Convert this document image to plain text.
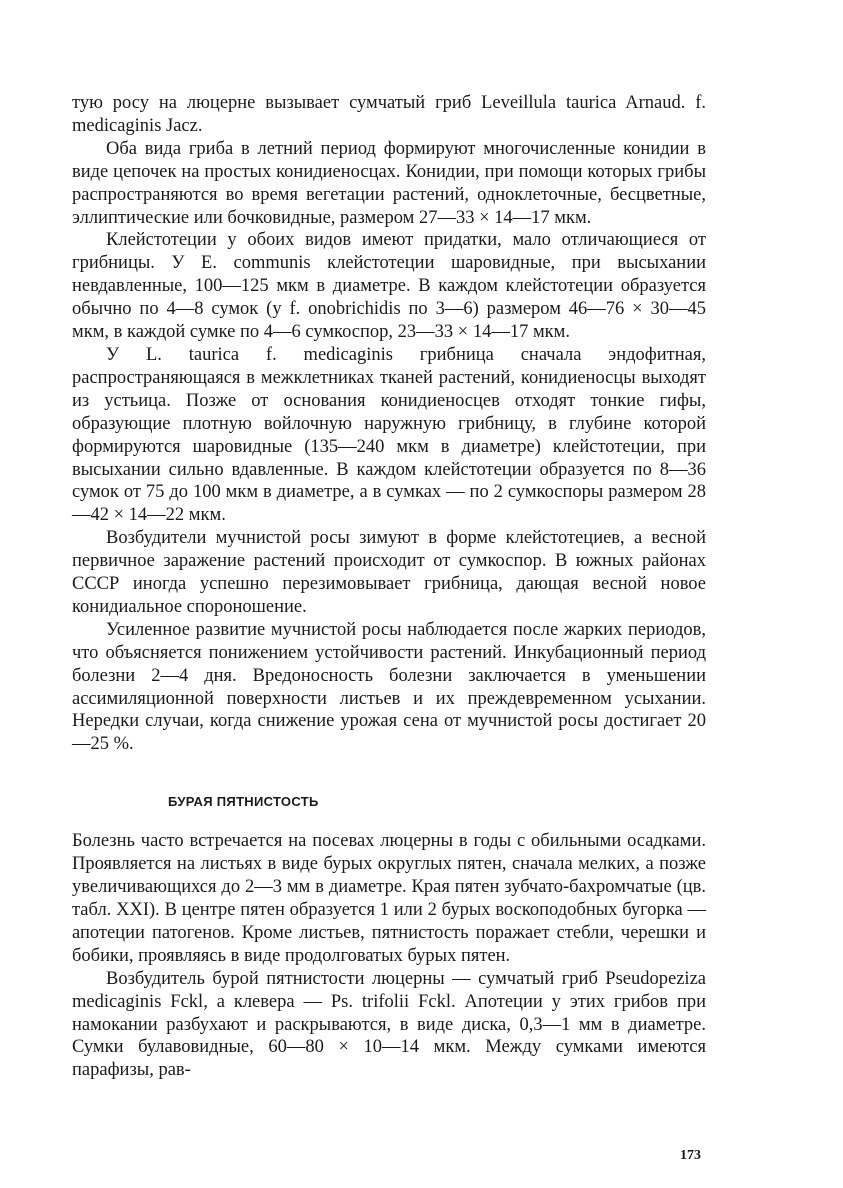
тую росу на люцерне вызывает сумчатый гриб Leveillula taurica Arnaud. f. medicaginis Jacz.

Оба вида гриба в летний период формируют многочисленные конидии в виде цепочек на простых конидиеносцах. Конидии, при помощи которых грибы распространяются во время вегетации растений, одноклеточные, бесцветные, эллиптические или бочковидные, размером 27—33 × 14—17 мкм.

Клейстотеции у обоих видов имеют придатки, мало отличающиеся от грибницы. У Е. communis клейстотеции шаровидные, при высыхании невдавленные, 100—125 мкм в диаметре. В каждом клейстотеции образуется обычно по 4—8 сумок (у f. onobrichidis по 3—6) размером 46—76 × 30—45 мкм, в каждой сумке по 4—6 сумкоспор, 23—33 × 14—17 мкм.

У L. taurica f. medicaginis грибница сначала эндофитная, распространяющаяся в межклетниках тканей растений, конидиеносцы выходят из устьица. Позже от основания конидиеносцев отходят тонкие гифы, образующие плотную войлочную наружную грибницу, в глубине которой формируются шаровидные (135—240 мкм в диаметре) клейстотеции, при высыхании сильно вдавленные. В каждом клейстотеции образуется по 8—36 сумок от 75 до 100 мкм в диаметре, а в сумках — по 2 сумкоспоры размером 28—42 × 14—22 мкм.

Возбудители мучнистой росы зимуют в форме клейстотециев, а весной первичное заражение растений происходит от сумкоспор. В южных районах СССР иногда успешно перезимовывает грибница, дающая весной новое конидиальное спороношение.

Усиленное развитие мучнистой росы наблюдается после жарких периодов, что объясняется понижением устойчивости растений. Инкубационный период болезни 2—4 дня. Вредоносность болезни заключается в уменьшении ассимиляционной поверхности листьев и их преждевременном усыхании. Нередки случаи, когда снижение урожая сена от мучнистой росы достигает 20—25 %.

БУРАЯ ПЯТНИСТОСТЬ

Болезнь часто встречается на посевах люцерны в годы с обильными осадками. Проявляется на листьях в виде бурых округлых пятен, сначала мелких, а позже увеличивающихся до 2—3 мм в диаметре. Края пятен зубчато-бахромчатые (цв. табл. XXI). В центре пятен образуется 1 или 2 бурых воскоподобных бугорка — апотеции патогенов. Кроме листьев, пятнистость поражает стебли, черешки и бобики, проявляясь в виде продолговатых бурых пятен.

Возбудитель бурой пятнистости люцерны — сумчатый гриб Pseudopeziza medicaginis Fckl, а клевера — Ps. trifolii Fckl. Апотеции у этих грибов при намокании разбухают и раскрываются, в виде диска, 0,3—1 мм в диаметре. Сумки булавовидные, 60—80 × 10—14 мкм. Между сумками имеются парафизы, рав-

173
